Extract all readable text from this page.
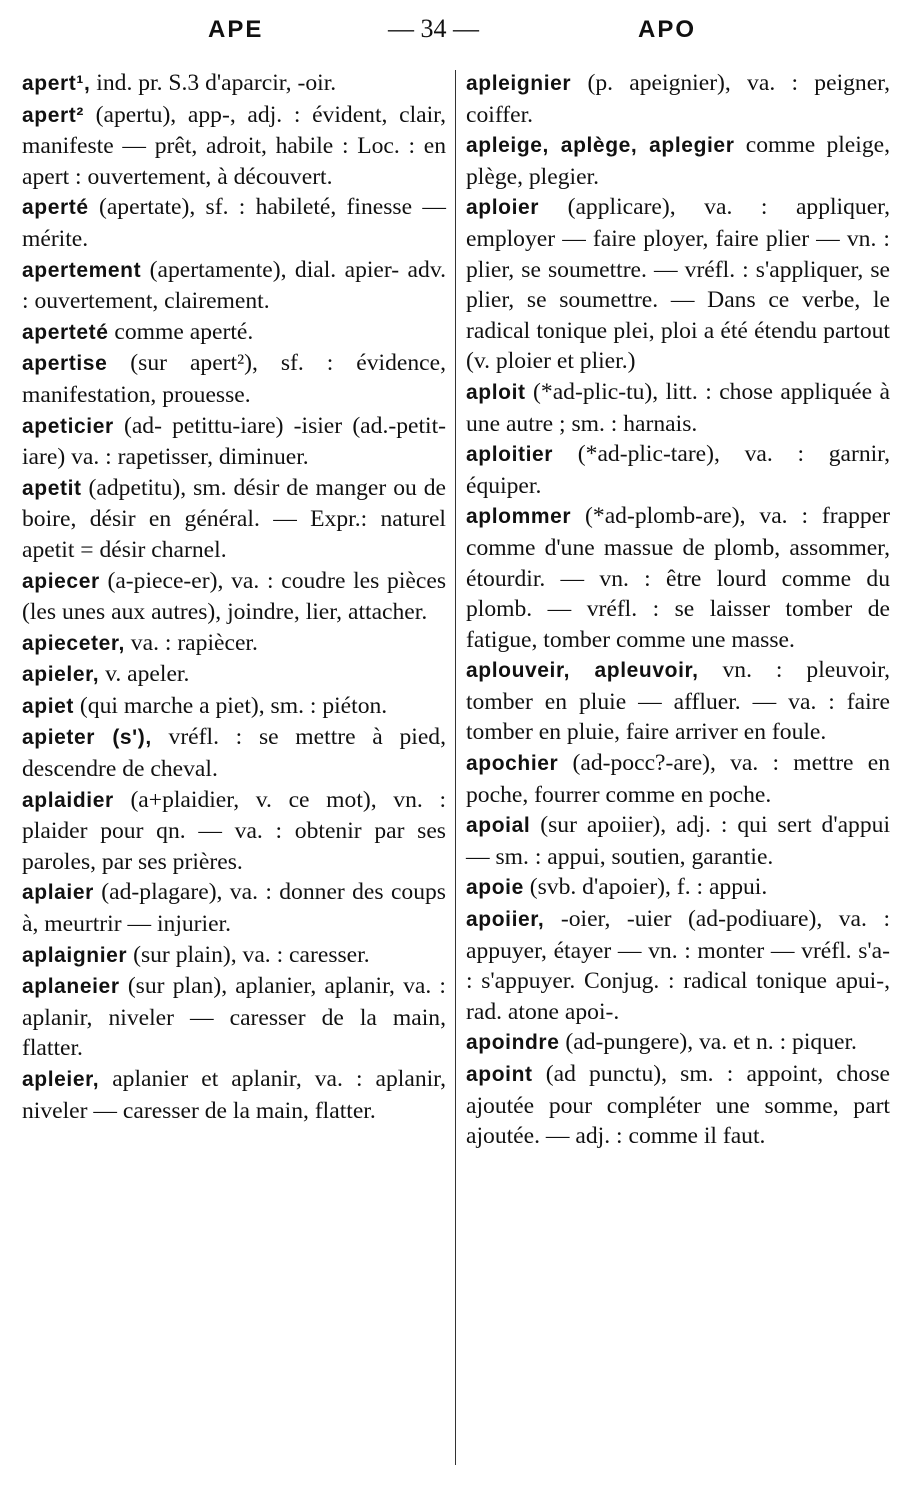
APE	— 34 —	APO
apert¹, ind. pr. S.3 d'aparcir, -oir.
apert² (apertu), app-, adj. : évident, clair, manifeste — prêt, adroit, habile : Loc. : en apert : ouvertement, à découvert.
aperté (apertate), sf. : habileté, finesse — mérite.
apertement (apertamente), dial. apier- adv. : ouvertement, clairement.
aperteté comme aperté.
apertise (sur apert²), sf. : évidence, manifestation, prouesse.
apeticier (ad- petittu-iare) -isier (ad.-petit-iare) va. : rapetisser, diminuer.
apetit (adpetitu), sm. désir de manger ou de boire, désir en général. — Expr.: naturel apetit = désir charnel.
apiecer (a-piece-er), va. : coudre les pièces (les unes aux autres), joindre, lier, attacher.
apieceter, va. : rapiècer.
apieler, v. apeler.
apiet (qui marche a piet), sm. : piéton.
apieter (s'), vréfl. : se mettre à pied, descendre de cheval.
aplaidier (a+plaidier, v. ce mot), vn. : plaider pour qn. — va. : obtenir par ses paroles, par ses prières.
aplaier (ad-plagare), va. : donner des coups à, meurtrir — injurier.
aplaignier (sur plain), va. : caresser.
aplaneier (sur plan), aplanier, aplanir, va. : aplanir, niveler — caresser de la main, flatter.
apleier, aplanier et aplanir, va. : aplanir, niveler — caresser de la main, flatter.
apleignier (p. apeignier), va. : peigner, coiffer.
apleige, aplège, aplegier comme pleige, plège, plegier.
aploier (applicare), va. : appliquer, employer — faire ployer, faire plier — vn. : plier, se soumettre. — vréfl. : s'appliquer, se plier, se soumettre. — Dans ce verbe, le radical tonique plei, ploi a été étendu partout (v. ploier et plier.)
aploit (*ad-plic-tu), litt. : chose appliquée à une autre ; sm. : harnais.
aploitier (*ad-plic-tare), va. : garnir, équiper.
aplommer (*ad-plomb-are), va. : frapper comme d'une massue de plomb, assommer, étourdir. — vn. : être lourd comme du plomb. — vréfl. : se laisser tomber de fatigue, tomber comme une masse.
aplouveir, apleuvoir, vn. : pleuvoir, tomber en pluie — affluer. — va. : faire tomber en pluie, faire arriver en foule.
apochier (ad-pocc?-are), va. : mettre en poche, fourrer comme en poche.
apoial (sur apoiier), adj. : qui sert d'appui — sm. : appui, soutien, garantie.
apoie (svb. d'apoier), f. : appui.
apoiier, -oier, -uier (ad-podiuare), va. : appuyer, étayer — vn. : monter — vréfl. s'a- : s'appuyer. Conjug. : radical tonique apui-, rad. atone apoi-.
apoindre (ad-pungere), va. et n. : piquer.
apoint (ad punctu), sm. : appoint, chose ajoutée pour compléter une somme, part ajoutée. — adj. : comme il faut.
